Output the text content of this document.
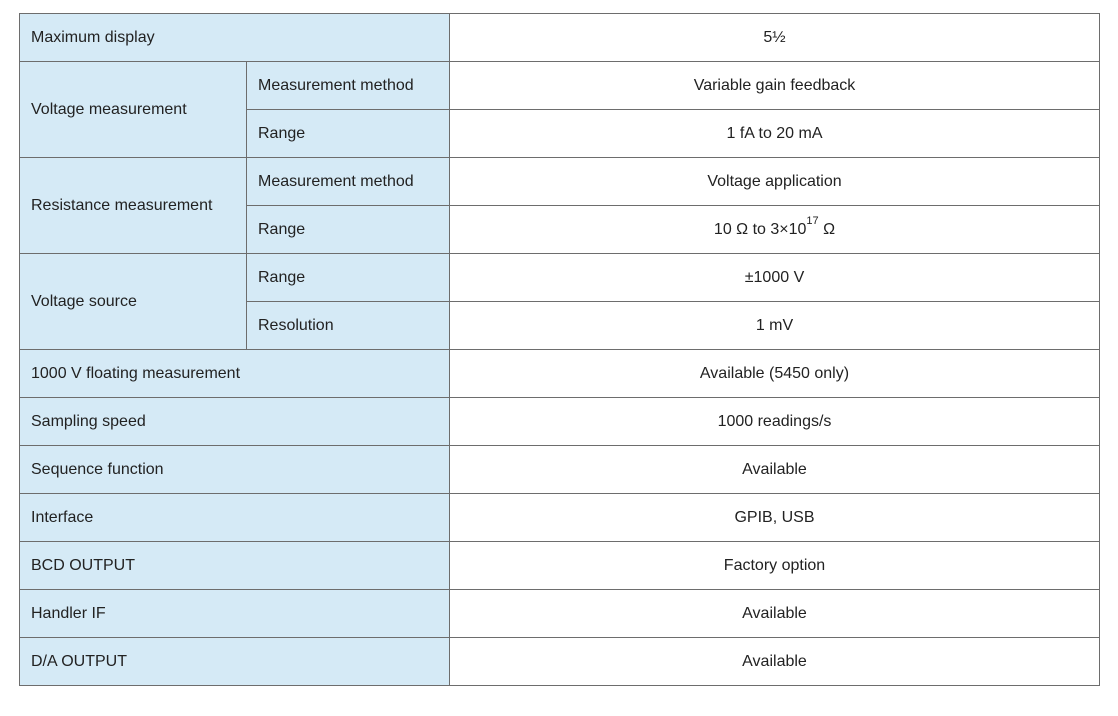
Maximum display		5½
Voltage measurement	Measurement method	Variable gain feedback
	Range	1 fA to 20 mA
Resistance measurement	Measurement method	Voltage application
	Range	10 Ω to $3\times 10^{17}$ Ω
Voltage source	Range	±1000 V
	Resolution	1 mV
1000 V floating measurement		Available (5450 only)
Sampling speed		1000 readings/s
Sequence function		Available
Interface		GPIB, USB
BCD OUTPUT		Factory option
Handler IF		Available
D/A OUTPUT		Available
